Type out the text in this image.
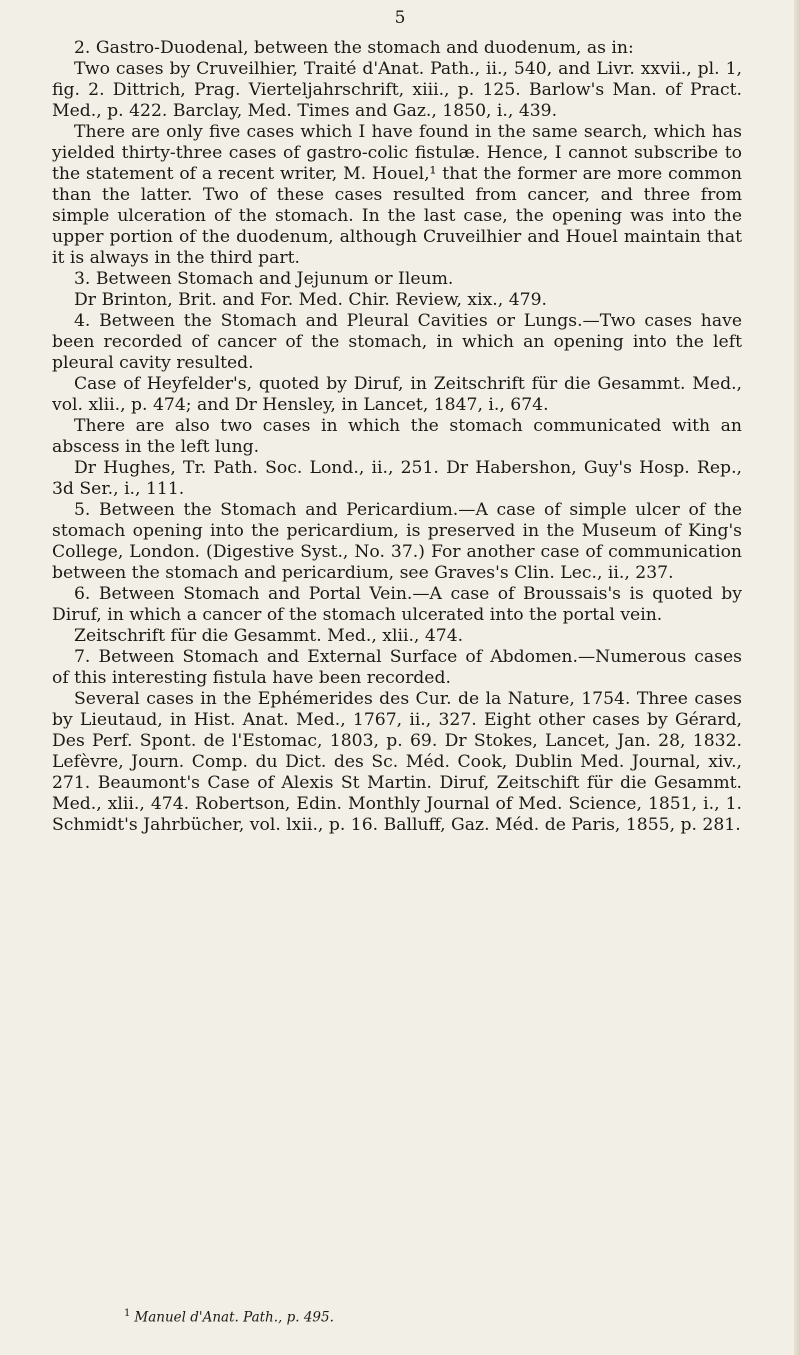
5

2. Gastro-Duodenal, between the stomach and duodenum, as in:

Two cases by Cruveilhier, Traité d'Anat. Path., ii., 540, and Livr. xxvii., pl. 1, fig. 2. Dittrich, Prag. Vierteljahrschrift, xiii., p. 125. Barlow's Man. of Pract. Med., p. 422. Barclay, Med. Times and Gaz., 1850, i., 439.

There are only five cases which I have found in the same search, which has yielded thirty-three cases of gastro-colic fistulæ. Hence, I cannot subscribe to the statement of a recent writer, M. Houel,¹ that the former are more common than the latter. Two of these cases resulted from cancer, and three from simple ulceration of the stomach. In the last case, the opening was into the upper portion of the duodenum, although Cruveilhier and Houel maintain that it is always in the third part.

3. Between Stomach and Jejunum or Ileum.

Dr Brinton, Brit. and For. Med. Chir. Review, xix., 479.

4. Between the Stomach and Pleural Cavities or Lungs.—Two cases have been recorded of cancer of the stomach, in which an opening into the left pleural cavity resulted.

Case of Heyfelder's, quoted by Diruf, in Zeitschrift für die Gesammt. Med., vol. xlii., p. 474; and Dr Hensley, in Lancet, 1847, i., 674.

There are also two cases in which the stomach communicated with an abscess in the left lung.

Dr Hughes, Tr. Path. Soc. Lond., ii., 251. Dr Habershon, Guy's Hosp. Rep., 3d Ser., i., 111.

5. Between the Stomach and Pericardium.—A case of simple ulcer of the stomach opening into the pericardium, is preserved in the Museum of King's College, London. (Digestive Syst., No. 37.) For another case of communication between the stomach and pericardium, see Graves's Clin. Lec., ii., 237.

6. Between Stomach and Portal Vein.—A case of Broussais's is quoted by Diruf, in which a cancer of the stomach ulcerated into the portal vein.

Zeitschrift für die Gesammt. Med., xlii., 474.

7. Between Stomach and External Surface of Abdomen.—Numerous cases of this interesting fistula have been recorded.

Several cases in the Ephémerides des Cur. de la Nature, 1754. Three cases by Lieutaud, in Hist. Anat. Med., 1767, ii., 327. Eight other cases by Gérard, Des Perf. Spont. de l'Estomac, 1803, p. 69. Dr Stokes, Lancet, Jan. 28, 1832. Lefèvre, Journ. Comp. du Dict. des Sc. Méd. Cook, Dublin Med. Journal, xiv., 271. Beaumont's Case of Alexis St Martin. Diruf, Zeitschift für die Gesammt. Med., xlii., 474. Robertson, Edin. Monthly Journal of Med. Science, 1851, i., 1. Schmidt's Jahrbücher, vol. lxii., p. 16. Balluff, Gaz. Méd. de Paris, 1855, p. 281.

$^1$ Manuel d'Anat. Path., p. 495.
